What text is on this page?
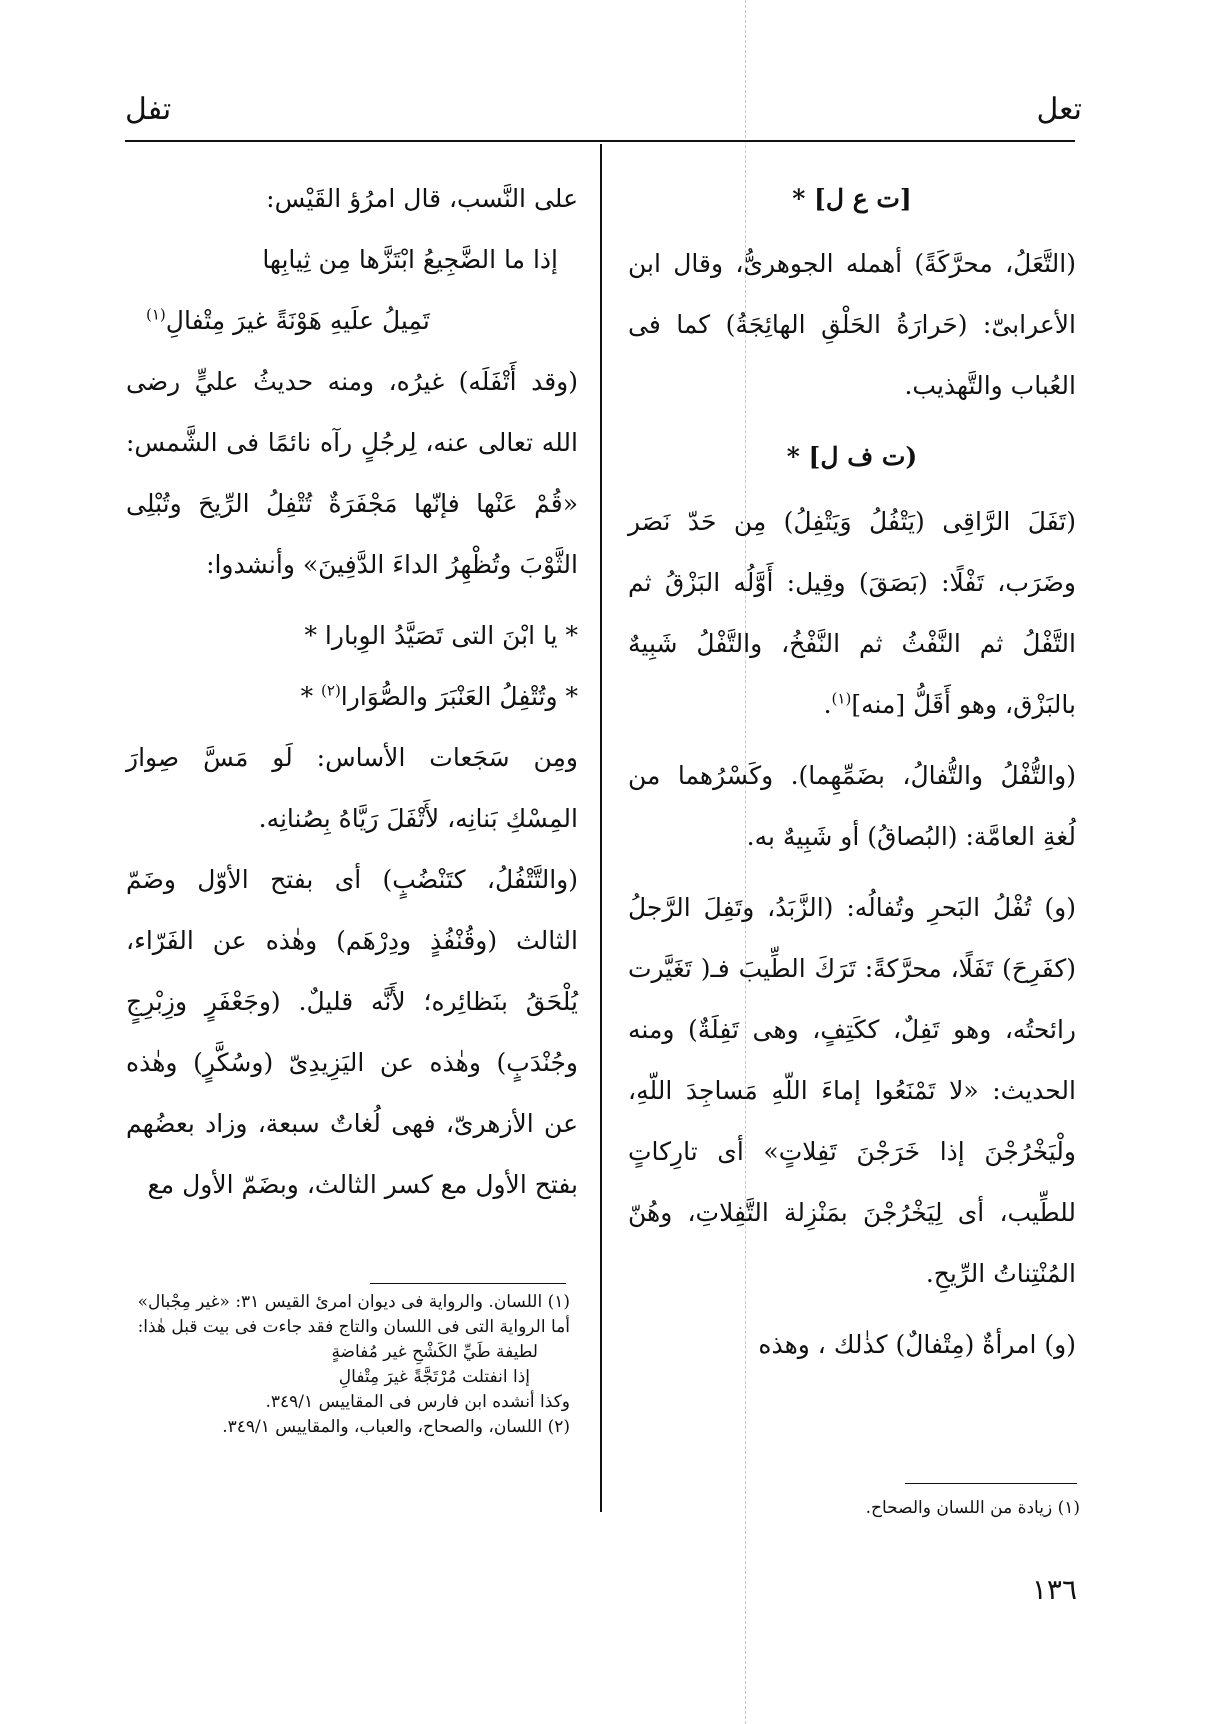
تعل
تفل

[ت ع ل] *

(التَّعَلُ، محرَّكَةً) أهمله الجوهرىُّ، وقال ابن الأعرابىّ: (حَرارَةُ الحَلْقِ الهائِجَةُ) كما فى العُباب والتَّهذيب.

(ت ف ل] *

(تَفَلَ الرَّاقِى (يَتْفُلُ وَيَتْفِلُ) مِن حَدّ نَصَر وضَرَب، تَفْلًا: (بَصَقَ) وقِيل: أَوَّلُه البَزْقُ ثم التَّفْلُ ثم النَّفْثُ ثم النَّفْخُ، والتَّفْلُ شَبِيهٌ بالبَزْق، وهو أَقَلُّ [منه]$^{(١)}$.

(والتُّفْلُ والتُّفالُ، بضَمِّهِما). وكَسْرُهما من لُغةِ العامَّة: (البُصاقُ) أو شَبِيهٌ به.

(و) تُفْلُ البَحرِ وتُفالُه: (الزَّبَدُ، وتَفِلَ الرَّجلُ (كفَرِحَ) تَفَلًا، محرَّكةً: تَرَكَ الطِّيبَ فـ( تَغَيَّرت رائحتُه، وهو تَفِلٌ، ككَتِفٍ، وهى تَفِلَةٌ) ومنه الحديث: «لا تَمْنَعُوا إماءَ اللّهِ مَساجِدَ اللّهِ، ولْيَخْرُجْنَ إذا خَرَجْنَ تَفِلاتٍ» أى تارِكاتٍ للطِّيب، أى لِيَخْرُجْنَ بمَنْزِلة التَّفِلاتِ، وهُنّ المُنْتِناتُ الرِّيحِ.

(و) امرأةٌ (مِتْفالٌ) كذٰلك ، وهذه

على النَّسب، قال امرُؤ القَيْس:

إذا ما الضَّجِيعُ ابْتَزَّها مِن ثِيابِها

تَمِيلُ علَيهِ هَوْنَةً غيرَ مِتْفالِ$^{(١)}$

(وقد أَتْفَلَه) غيرُه، ومنه حديثُ عليٍّ رضى الله تعالى عنه، لِرجُلٍ رآه نائمًا فى الشَّمس: «قُمْ عَنْها فإنّها مَجْفَرَةٌ تُتْفِلُ الرِّيحَ وتُبْلِى الثَّوْبَ وتُظْهِرُ الداءَ الدَّفِينَ» وأنشدوا:

* يا ابْنَ التى تَصَيَّدُ الوِبارا *

* وتُتْفِلُ العَنْبَرَ والصُّوَارا$^{(٢)}$ *

ومِن سَجَعات الأساس: لَو مَسَّ صِوارَ المِسْكِ بَنانِه، لأَتْفَلَ رَيَّاهُ بِصُنانِه.

(والتَّتْفُلُ، كتَنْضُبٍ) أى بفتح الأوّل وضَمّ الثالث (وقُنْفُذٍ ودِرْهَم) وهٰذه عن الفَرّاء، يُلْحَقُ بنَظائِره؛ لأَنَّه قليلٌ. (وجَعْفَرٍ وزِبْرِجٍ وجُنْدَبٍ) وهٰذه عن اليَزِيدِىّ (وسُكَّرٍ) وهٰذه عن الأزهرىّ، فهى لُغاتٌ سبعة، وزاد بعضُهم بفتح الأول مع كسر الثالث، وبضَمّ الأول مع

(١) اللسان. والرواية فى ديوان امرئ القيس ٣١: «غير مِجْبال» أما الرواية التى فى اللسان والتاج فقد جاءت فى بيت قبل هٰذا:

لطيفة طَيِّ الكَشْحِ غير مُفاضةٍ

إذا انفتلت مُرْتَجَّةً غيرَ مِتْفالِ

وكذا أنشده ابن فارس فى المقاييس ٣٤٩/١.

(٢) اللسان، والصحاح، والعباب، والمقاييس ٣٤٩/١.

(١) زيادة من اللسان والصحاح.

١٣٦
